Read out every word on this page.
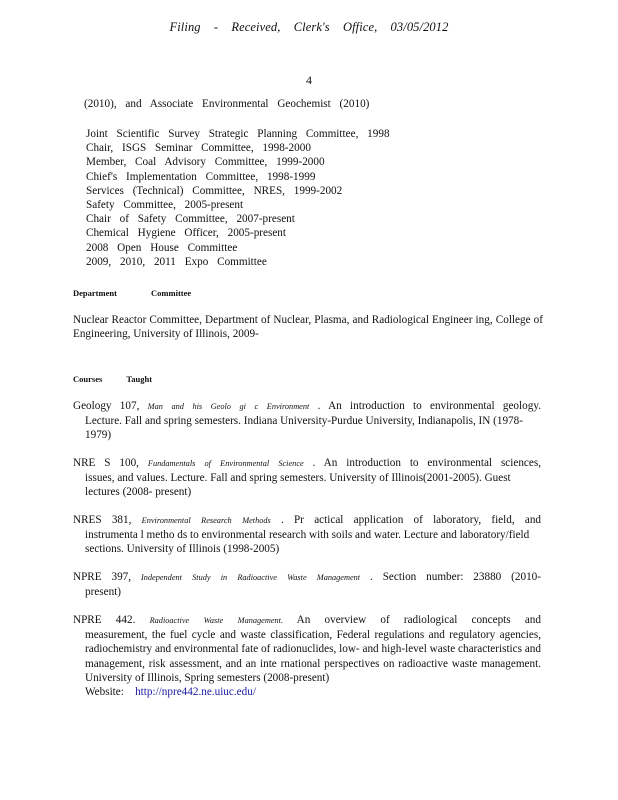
Filing - Received, Clerk's Office, 03/05/2012
4
(2010), and Associate Environmental Geochemist (2010)
Joint Scientific Survey Strategic Planning Committee, 1998
Chair, ISGS Seminar Committee, 1998-2000
Member, Coal Advisory Committee, 1999-2000
Chief's Implementation Committee, 1998-1999
Services (Technical) Committee, NRES, 1999-2002
Safety Committee, 2005-present
Chair of Safety Committee, 2007-present
Chemical Hygiene Officer, 2005-present
2008 Open House Committee
2009, 2010, 2011 Expo Committee
Department	Committee
Nuclear Reactor Committee, Department of Nuclear, Plasma, and Radiological Engineer ing, College of Engineering, University of Illinois, 2009-
Courses	Taught
Geology 107, Man and his Geolo gi c Environment . An introduction to environmental geology.
Lecture. Fall and spring semesters. Indiana University-Purdue University, Indianapolis, IN (1978-1979)
NRE S 100, Fundamentals of Environmental Science . An introduction to environmental sciences,
issues, and values. Lecture. Fall and spring semesters. University of Illinois(2001-2005). Guest lectures (2008- present)
NRES 381, Environmental Research Methods . Pr actical application of laboratory, field, and
instrumenta l metho ds to environmental research with soils and water. Lecture and laboratory/field sections. University of Illinois (1998-2005)
NPRE 397, Independent Study in Radioactive Waste Management . Section number: 23880 (2010-
present)
NPRE 442. Radioactive Waste Management. An overview of radiological concepts and
measurement, the fuel cycle and waste classification, Federal regulations and regulatory agencies, radiochemistry and environmental fate of radionuclides, low- and high-level waste characteristics and management, risk assessment, and an inte rnational perspectives on radioactive waste management. University of Illinois, Spring semesters (2008-present)
Website: http://npre442.ne.uiuc.edu/
